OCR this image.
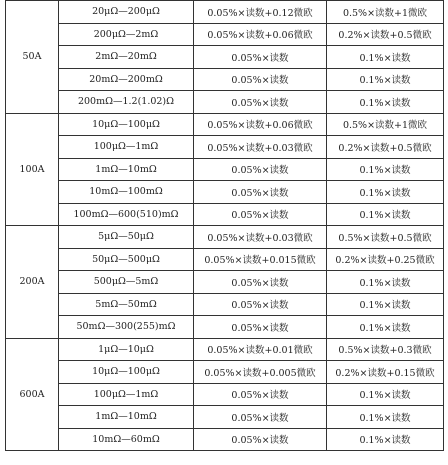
50A	20μΩ—200μΩ	0.05%×读数+0.12微欧	0.5%×读数+1微欧
	200μΩ—2mΩ	0.05%×读数+0.06微欧	0.2%×读数+0.5微欧
	2mΩ—20mΩ	0.05%×读数	0.1%×读数
	20mΩ—200mΩ	0.05%×读数	0.1%×读数
	200mΩ—1.2(1.02)Ω	0.05%×读数	0.1%×读数
100A	10μΩ—100μΩ	0.05%×读数+0.06微欧	0.5%×读数+1微欧
	100μΩ—1mΩ	0.05%×读数+0.03微欧	0.2%×读数+0.5微欧
	1mΩ—10mΩ	0.05%×读数	0.1%×读数
	10mΩ—100mΩ	0.05%×读数	0.1%×读数
	100mΩ—600(510)mΩ	0.05%×读数	0.1%×读数
200A	5μΩ—50μΩ	0.05%×读数+0.03微欧	0.5%×读数+0.5微欧
	50μΩ—500μΩ	0.05%×读数+0.015微欧	0.2%×读数+0.25微欧
	500μΩ—5mΩ	0.05%×读数	0.1%×读数
	5mΩ—50mΩ	0.05%×读数	0.1%×读数
	50mΩ—300(255)mΩ	0.05%×读数	0.1%×读数
600A	1μΩ—10μΩ	0.05%×读数+0.01微欧	0.5%×读数+0.3微欧
	10μΩ—100μΩ	0.05%×读数+0.005微欧	0.2%×读数+0.15微欧
	100μΩ—1mΩ	0.05%×读数	0.1%×读数
	1mΩ—10mΩ	0.05%×读数	0.1%×读数
	10mΩ—60mΩ	0.05%×读数	0.1%×读数
